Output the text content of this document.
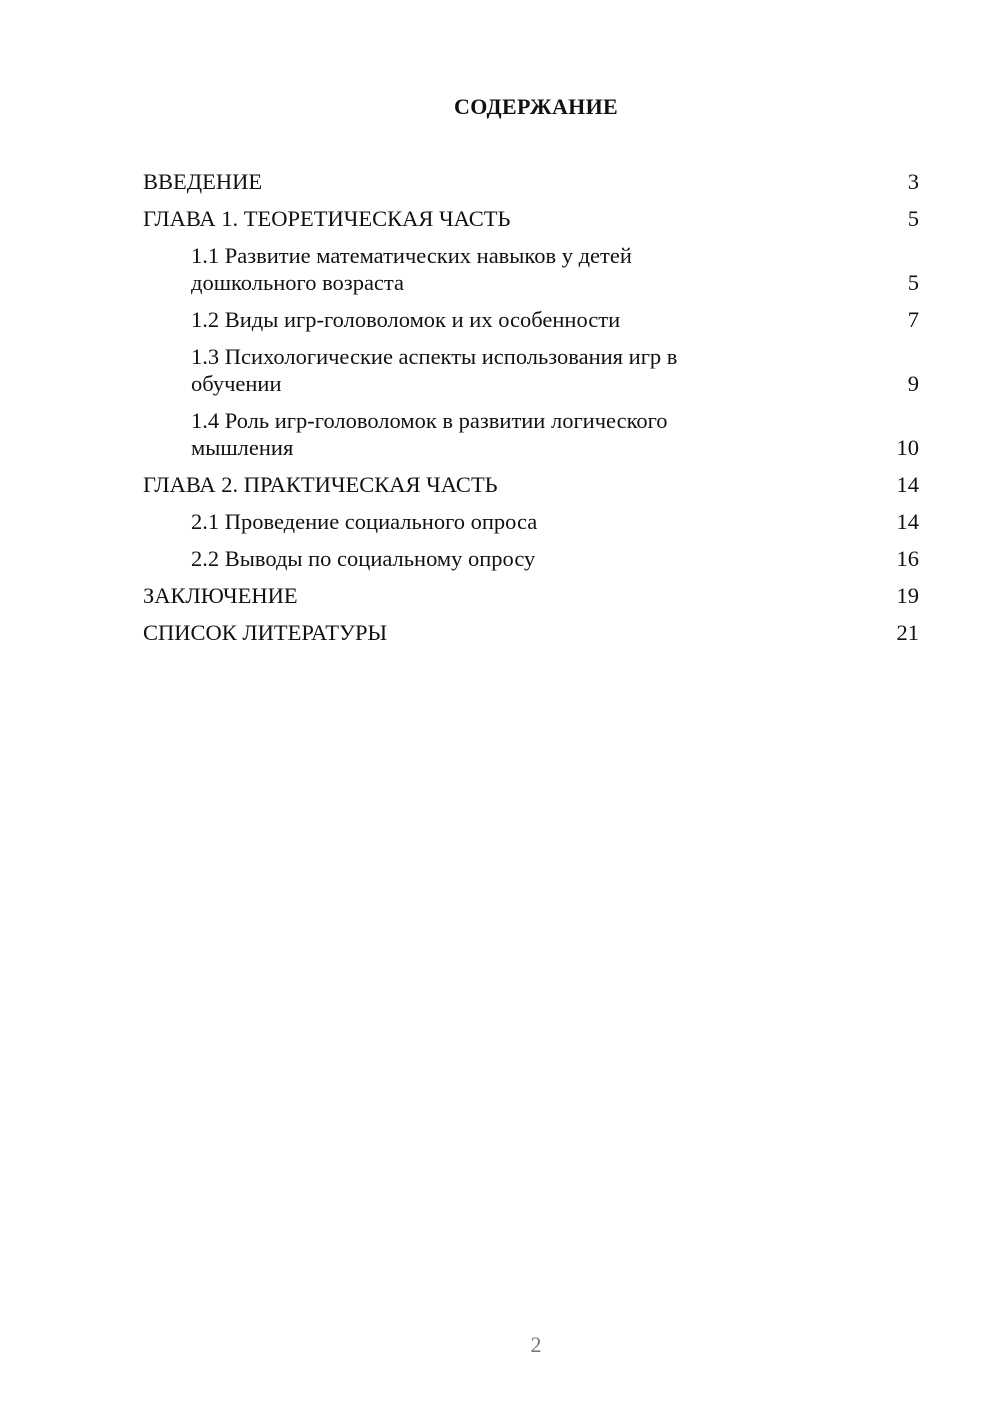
СОДЕРЖАНИЕ
ВВЕДЕНИЕ	3
ГЛАВА 1. ТЕОРЕТИЧЕСКАЯ ЧАСТЬ	5
1.1 Развитие математических навыков у детей дошкольного возраста	5
1.2 Виды игр-головоломок и их особенности	7
1.3 Психологические аспекты использования игр в обучении	9
1.4 Роль игр-головоломок в развитии логического мышления	10
ГЛАВА 2. ПРАКТИЧЕСКАЯ ЧАСТЬ	14
2.1 Проведение социального опроса	14
2.2 Выводы по социальному опросу	16
ЗАКЛЮЧЕНИЕ	19
СПИСОК ЛИТЕРАТУРЫ	21
2
